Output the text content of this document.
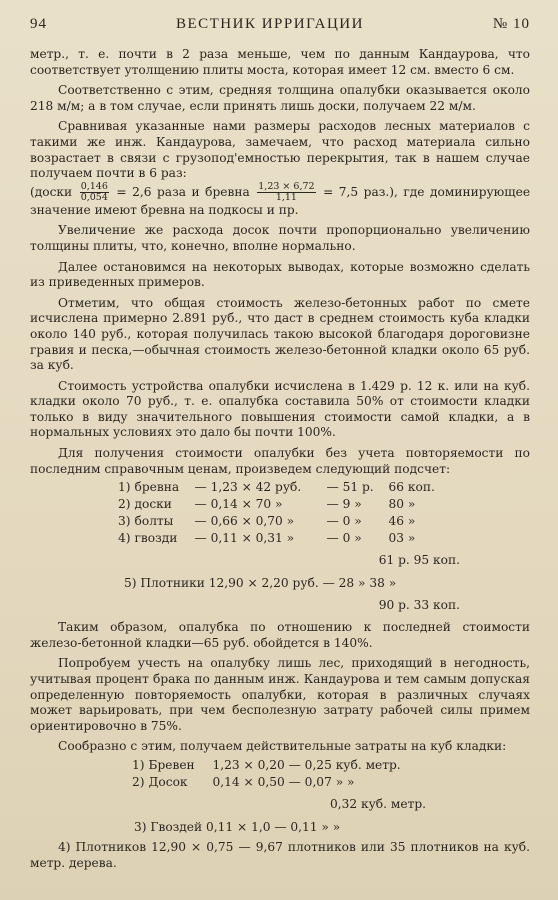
94	ВЕСТНИК ИРРИГАЦИИ	№ 10

метр., т. е. почти в 2 раза меньше, чем по данным Кандаурова, что соответствует утолщению плиты моста, которая имеет 12 см. вместо 6 см.

Соответственно с этим, средняя толщина опалубки оказывается около 218 м/м; а в том случае, если принять лишь доски, получаем 22 м/м.

Сравнивая указанные нами размеры расходов лесных материалов с такими же инж. Кандаурова, замечаем, что расход материала сильно возрастает в связи с грузопод'емностью перекрытия, так в нашем случае получаем почти в 6 раз:

(доски $\frac{0,146}{0,054} = 2,6$ раза и бревна $\frac{1,23 \times 6,72}{1,11} = 7,5$ раз.), где доминирующее значение имеют бревна на подкосы и пр.

Увеличение же расхода досок почти пропорционально увеличению толщины плиты, что, конечно, вполне нормально.

Далее остановимся на некоторых выводах, которые возможно сделать из приведенных примеров.

Отметим, что общая стоимость железо-бетонных работ по смете исчислена примерно 2.891 руб., что даст в среднем стоимость куба кладки около 140 руб., которая получилась такою высокой благодаря дороговизне гравия и песка,—обычная стоимость железо-бетонной кладки около 65 руб. за куб.

Стоимость устройства опалубки исчислена в 1.429 р. 12 к. или на куб. кладки около 70 руб., т. е. опалубка составила 50% от стоимости кладки только в виду значительного повышения стоимости самой кладки, а в нормальных условиях это дало бы почти 100%.

Для получения стоимости опалубки без учета повторяемости по последним справочным ценам, произведем следующий подсчет:

1)	бревна	— 1,23 × 42 руб.	— 51 р.	66 коп.
2)	доски	— 0,14 × 70 »	— 9 »	80 »
3)	болты	— 0,66 × 0,70 »	— 0 »	46 »
4)	гвозди	— 0,11 × 0,31 »	— 0 »	03 »
61 р. 95 коп.
5) Плотники 12,90 × 2,20 руб. — 28 » 38 »
90 р. 33 коп.

Таким образом, опалубка по отношению к последней стоимости железо-бетонной кладки—65 руб. обойдется в 140%.

Попробуем учесть на опалубку лишь лес, приходящий в негодность, учитывая процент брака по данным инж. Кандаурова и тем самым допуская определенную повторяемость опалубки, которая в различных случаях может варьировать, при чем бесполезную затрату рабочей силы примем ориентировочно в 75%.

Сообразно с этим, получаем действительные затраты на куб кладки:

1)	Бревен	1,23 × 0,20 — 0,25 куб. метр.
2)	Досок	0,14 × 0,50 — 0,07 » »
0,32 куб. метр.
3) Гвоздей 0,11 × 1,0 — 0,11 » »

4) Плотников 12,90 × 0,75 — 9,67 плотников или 35 плотников на куб. метр. дерева.
